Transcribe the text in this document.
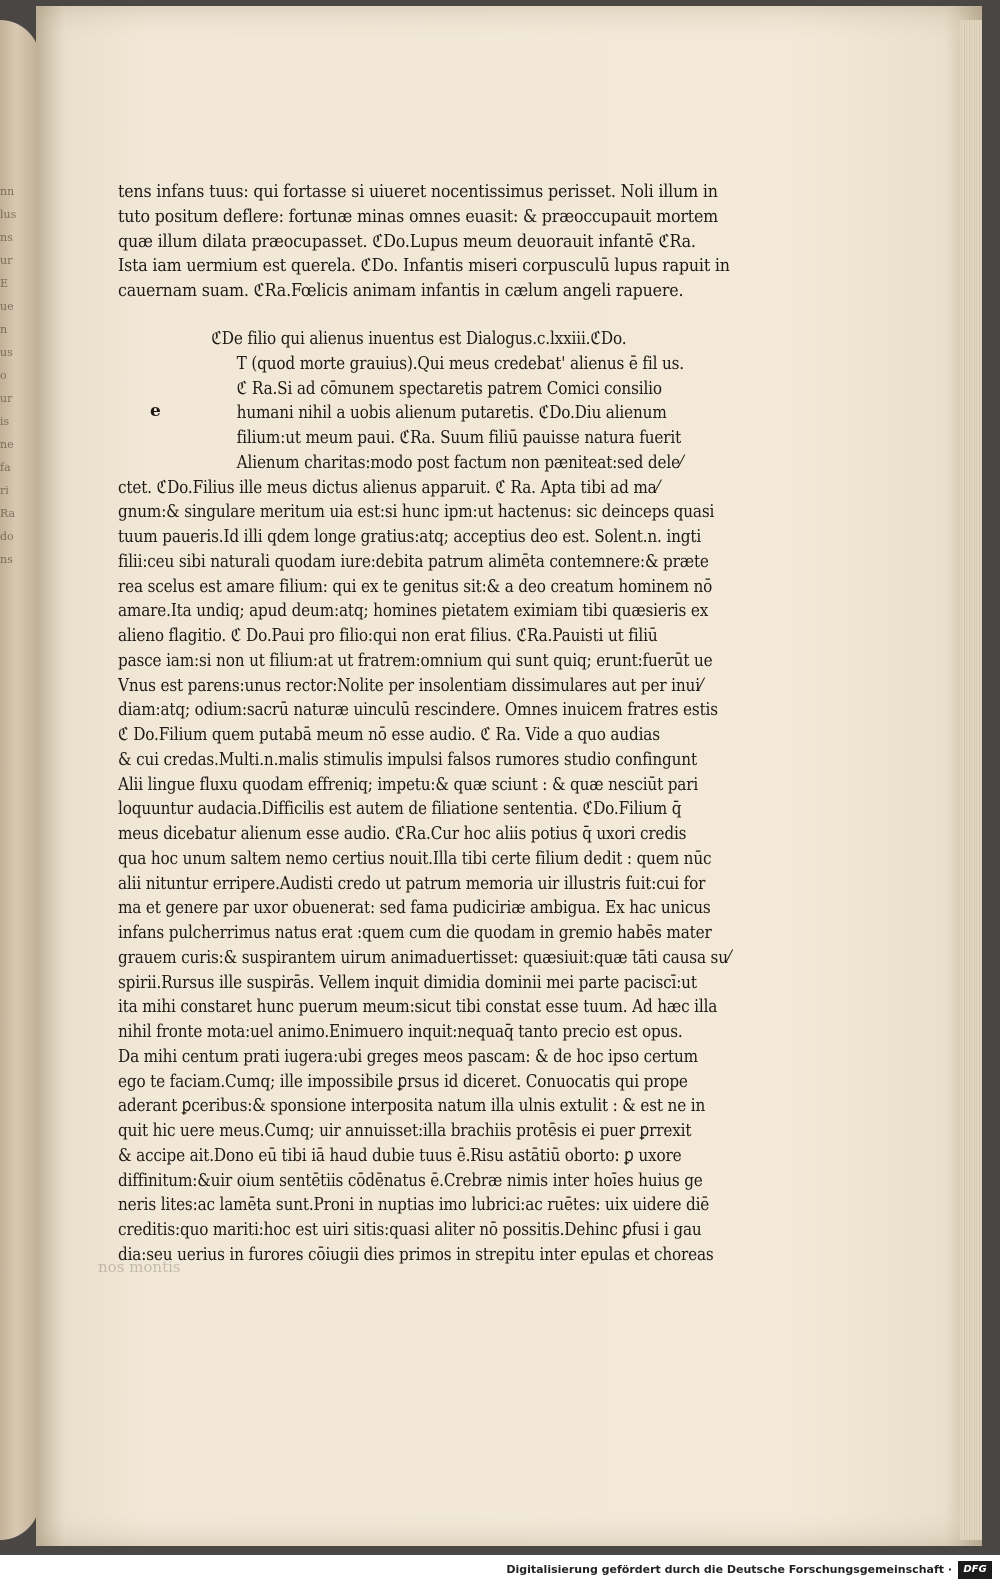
nn
lus
ns
ur
E
ue
n
us
o
ur
is
ne
fa
ri
Ra
do
ns
tens infans tuus: qui fortasse si uiueret nocentissimus perisset. Noli illum in
tuto positum deflere: fortunæ minas omnes euasit: & præoccupauit mortem
quæ illum dilata præocupasset. ℭDo.Lupus meum deuorauit infantē ℭRa.
Ista iam uermium est querela. ℭDo. Infantis miseri corpusculū lupus rapuit in
cauernam suam. ℭRa.Fœlicis animam infantis in cælum angeli rapuere.
ℭDe filio qui alienus inuentus est Dialogus.c.lxxiii.ℭDo.
T (quod morte grauius).Qui meus credebat' alienus ē fil us.
ℭ Ra.Si ad cōmunem spectaretis patrem Comici consilio
humani nihil a uobis alienum putaretis. ℭDo.Diu alienum
filium:ut meum paui. ℭRa. Suum filiū pauisse natura fuerit
Alienum charitas:modo post factum non pæniteat:sed dele⁄
ctet. ℭDo.Filius ille meus dictus alienus apparuit. ℭ Ra. Apta tibi ad ma⁄
gnum:& singulare meritum uia est:si hunc ipm:ut hactenus: sic deinceps quasi
tuum paueris.Id illi qdem longe gratius:atq; acceptius deo est. Solent.n. ingti
filii:ceu sibi naturali quodam iure:debita patrum alimēta contemnere:& præte
rea scelus est amare filium: qui ex te genitus sit:& a deo creatum hominem nō
amare.Ita undiq; apud deum:atq; homines pietatem eximiam tibi quæsieris ex
alieno flagitio. ℭ Do.Paui pro filio:qui non erat filius. ℭRa.Pauisti ut filiū
pasce iam:si non ut filium:at ut fratrem:omnium qui sunt quiq; erunt:fuerūt ue
Vnus est parens:unus rector:Nolite per insolentiam dissimulares aut per inui⁄
diam:atq; odium:sacrū naturæ uinculū rescindere. Omnes inuicem fratres estis
ℭ Do.Filium quem putabā meum nō esse audio. ℭ Ra. Vide a quo audias
& cui credas.Multi.n.malis stimulis impulsi falsos rumores studio confingunt
Alii lingue fluxu quodam effreniq; impetu:& quæ sciunt : & quæ nesciūt pari
loquuntur audacia.Difficilis est autem de filiatione sententia. ℭDo.Filium q̄
meus dicebatur alienum esse audio. ℭRa.Cur hoc aliis potius q̄ uxori credis
qua hoc unum saltem nemo certius nouit.Illa tibi certe filium dedit : quem nūc
alii nituntur erripere.Audisti credo ut patrum memoria uir illustris fuit:cui for
ma et genere par uxor obuenerat: sed fama pudiciriæ ambigua. Ex hac unicus
infans pulcherrimus natus erat :quem cum die quodam in gremio habēs mater
grauem curis:& suspirantem uirum animaduertisset: quæsiuit:quæ tāti causa su⁄
spirii.Rursus ille suspirās. Vellem inquit dimidia dominii mei parte paciscī:ut
ita mihi constaret hunc puerum meum:sicut tibi constat esse tuum. Ad hæc illa
nihil fronte mota:uel animo.Enimuero inquit:nequaq̄ tanto precio est opus.
Da mihi centum prati iugera:ubi greges meos pascam: & de hoc ipso certum
ego te faciam.Cumq; ille impossibile ꝑrsus id diceret. Conuocatis qui prope
aderant ꝑceribus:& sponsione interposita natum illa ulnis extulit : & est ne in
quit hic uere meus.Cumq; uir annuisset:illa brachiis protēsis ei puer ꝑrrexit
& accipe ait.Dono eū tibi iā haud dubie tuus ē.Risu astātiū oborto: ꝑ uxore
diffinitum:&uir oium sentētiis cōdēnatus ē.Crebræ nimis inter hoīes huius ge
neris lites:ac lamēta sunt.Proni in nuptias imo lubrici:ac ruētes: uix uidere diē
creditis:quo mariti:hoc est uiri sitis:quasi aliter nō possitis.Dehinc ꝑfusi i gau
dia:seu uerius in furores cōiugii dies primos in strepitu inter epulas et choreas
e
nos montis
Digitalisierung gefördert durch die Deutsche Forschungsgemeinschaft ·	DFG
